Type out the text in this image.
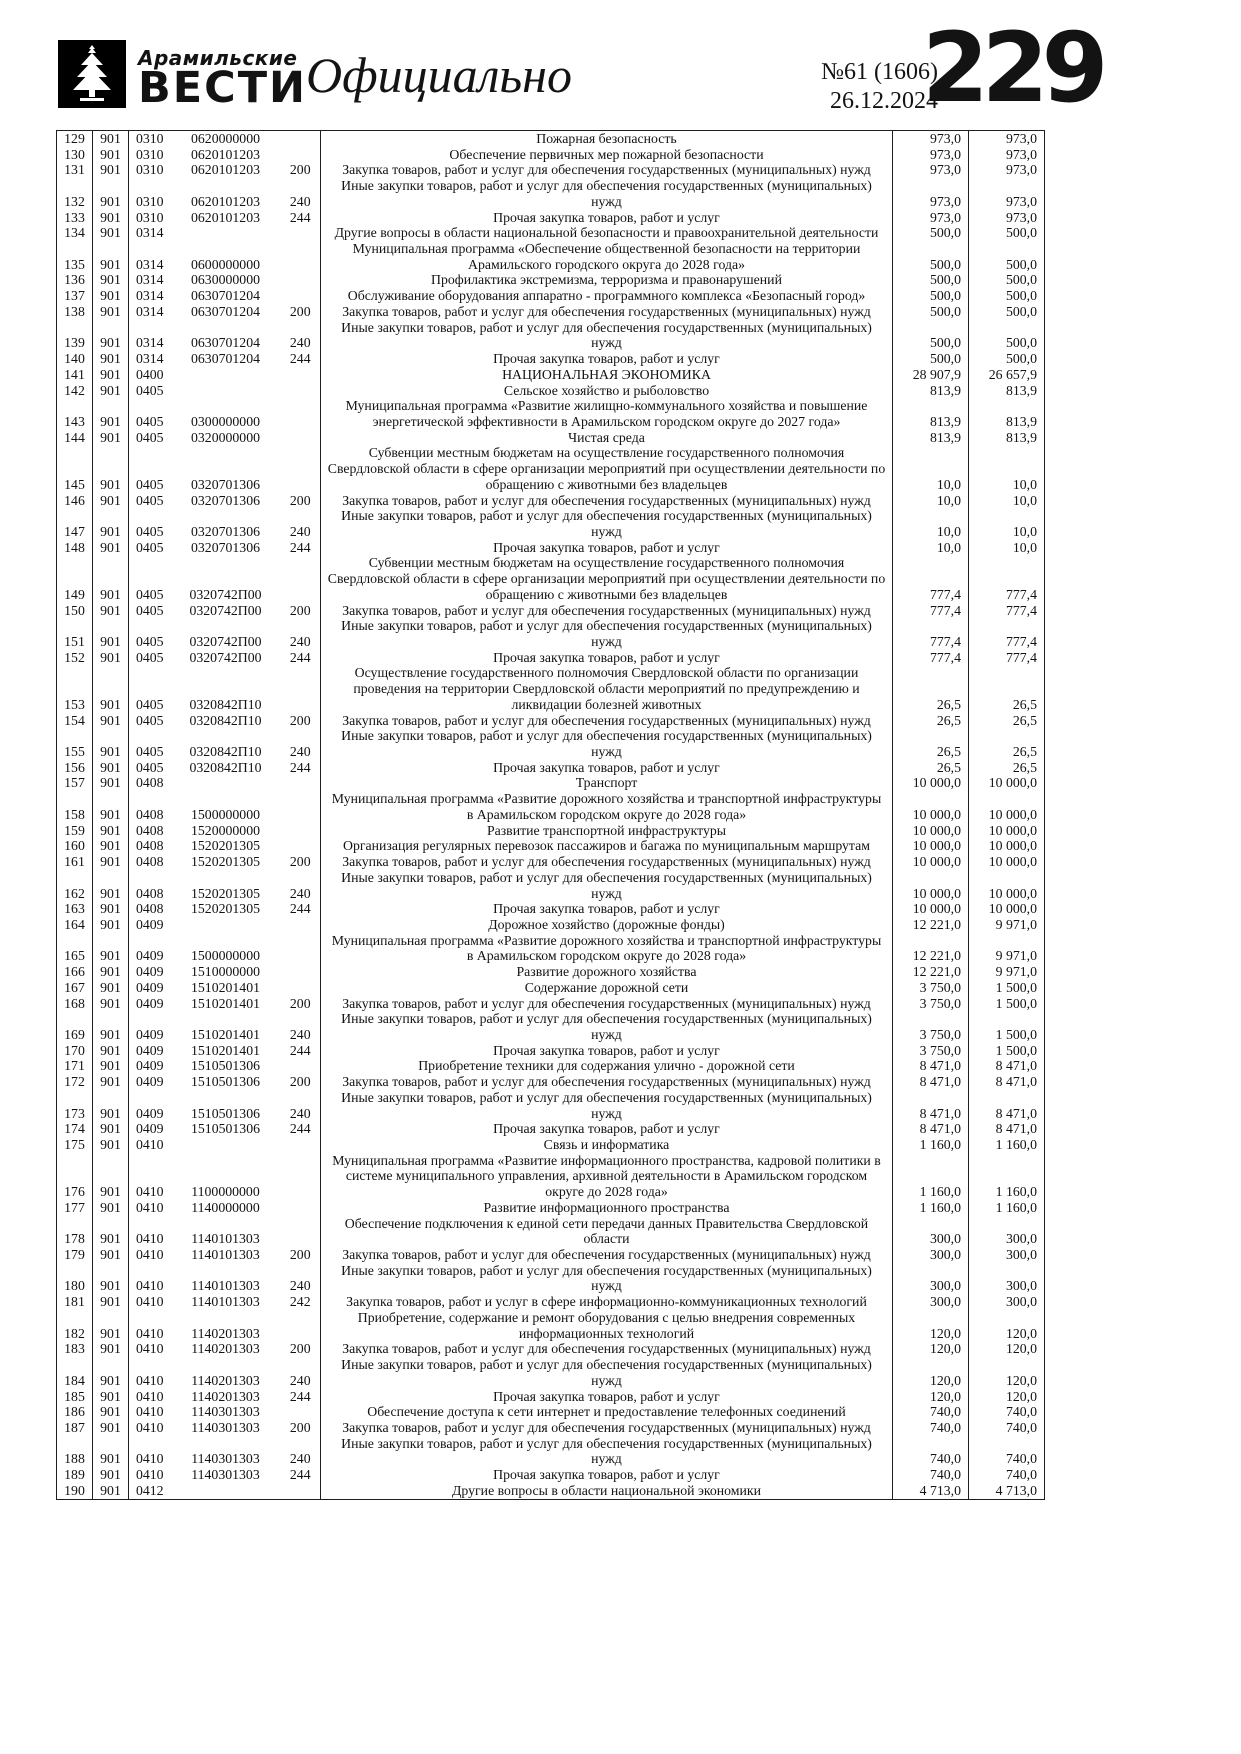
Арамильские
ВЕСТИ
Официально	№61 (1606)
26.12.2024
229
129	901	0310	0620000000		Пожарная безопасность	973,0	973,0
130	901	0310	0620101203		Обеспечение первичных мер пожарной безопасности	973,0	973,0
131	901	0310	0620101203	200	Закупка товаров, работ и услуг для обеспечения государственных (муниципальных) нужд	973,0	973,0
132	901	0310	0620101203	240	Иные закупки товаров, работ и услуг для обеспечения государственных (муниципальных) нужд	973,0	973,0
133	901	0310	0620101203	244	Прочая закупка товаров, работ и услуг	973,0	973,0
134	901	0314			Другие вопросы в области национальной безопасности и правоохранительной деятельности	500,0	500,0
135	901	0314	0600000000		Муниципальная программа «Обеспечение общественной безопасности на территории Арамильского городского округа до 2028 года»	500,0	500,0
136	901	0314	0630000000		Профилактика экстремизма, терроризма и правонарушений	500,0	500,0
137	901	0314	0630701204		Обслуживание оборудования аппаратно - программного комплекса «Безопасный город»	500,0	500,0
138	901	0314	0630701204	200	Закупка товаров, работ и услуг для обеспечения государственных (муниципальных) нужд	500,0	500,0
139	901	0314	0630701204	240	Иные закупки товаров, работ и услуг для обеспечения государственных (муниципальных) нужд	500,0	500,0
140	901	0314	0630701204	244	Прочая закупка товаров, работ и услуг	500,0	500,0
141	901	0400			НАЦИОНАЛЬНАЯ ЭКОНОМИКА	28 907,9	26 657,9
142	901	0405			Сельское хозяйство и рыболовство	813,9	813,9
143	901	0405	0300000000		Муниципальная программа «Развитие жилищно-коммунального хозяйства и повышение энергетической эффективности в Арамильском городском округе до 2027 года»	813,9	813,9
144	901	0405	0320000000		Чистая среда	813,9	813,9
145	901	0405	0320701306		Субвенции местным бюджетам на осуществление государственного полномочия Свердловской области в сфере организации мероприятий при осуществлении деятельности по обращению с животными без владельцев	10,0	10,0
146	901	0405	0320701306	200	Закупка товаров, работ и услуг для обеспечения государственных (муниципальных) нужд	10,0	10,0
147	901	0405	0320701306	240	Иные закупки товаров, работ и услуг для обеспечения государственных (муниципальных) нужд	10,0	10,0
148	901	0405	0320701306	244	Прочая закупка товаров, работ и услуг	10,0	10,0
149	901	0405	0320742П00		Субвенции местным бюджетам на осуществление государственного полномочия Свердловской области в сфере организации мероприятий при осуществлении деятельности по обращению с животными без владельцев	777,4	777,4
150	901	0405	0320742П00	200	Закупка товаров, работ и услуг для обеспечения государственных (муниципальных) нужд	777,4	777,4
151	901	0405	0320742П00	240	Иные закупки товаров, работ и услуг для обеспечения государственных (муниципальных) нужд	777,4	777,4
152	901	0405	0320742П00	244	Прочая закупка товаров, работ и услуг	777,4	777,4
153	901	0405	0320842П10		Осуществление государственного полномочия Свердловской области по организации проведения на территории Свердловской области мероприятий по предупреждению и ликвидации болезней животных	26,5	26,5
154	901	0405	0320842П10	200	Закупка товаров, работ и услуг для обеспечения государственных (муниципальных) нужд	26,5	26,5
155	901	0405	0320842П10	240	Иные закупки товаров, работ и услуг для обеспечения государственных (муниципальных) нужд	26,5	26,5
156	901	0405	0320842П10	244	Прочая закупка товаров, работ и услуг	26,5	26,5
157	901	0408			Транспорт	10 000,0	10 000,0
158	901	0408	1500000000		Муниципальная программа «Развитие дорожного хозяйства и транспортной инфраструктуры в Арамильском городском округе до 2028 года»	10 000,0	10 000,0
159	901	0408	1520000000		Развитие транспортной инфраструктуры	10 000,0	10 000,0
160	901	0408	1520201305		Организация регулярных перевозок пассажиров и багажа по муниципальным маршрутам	10 000,0	10 000,0
161	901	0408	1520201305	200	Закупка товаров, работ и услуг для обеспечения государственных (муниципальных) нужд	10 000,0	10 000,0
162	901	0408	1520201305	240	Иные закупки товаров, работ и услуг для обеспечения государственных (муниципальных) нужд	10 000,0	10 000,0
163	901	0408	1520201305	244	Прочая закупка товаров, работ и услуг	10 000,0	10 000,0
164	901	0409			Дорожное хозяйство (дорожные фонды)	12 221,0	9 971,0
165	901	0409	1500000000		Муниципальная программа «Развитие дорожного хозяйства и транспортной инфраструктуры в Арамильском городском округе до 2028 года»	12 221,0	9 971,0
166	901	0409	1510000000		Развитие дорожного хозяйства	12 221,0	9 971,0
167	901	0409	1510201401		Содержание дорожной сети	3 750,0	1 500,0
168	901	0409	1510201401	200	Закупка товаров, работ и услуг для обеспечения государственных (муниципальных) нужд	3 750,0	1 500,0
169	901	0409	1510201401	240	Иные закупки товаров, работ и услуг для обеспечения государственных (муниципальных) нужд	3 750,0	1 500,0
170	901	0409	1510201401	244	Прочая закупка товаров, работ и услуг	3 750,0	1 500,0
171	901	0409	1510501306		Приобретение техники для содержания улично - дорожной сети	8 471,0	8 471,0
172	901	0409	1510501306	200	Закупка товаров, работ и услуг для обеспечения государственных (муниципальных) нужд	8 471,0	8 471,0
173	901	0409	1510501306	240	Иные закупки товаров, работ и услуг для обеспечения государственных (муниципальных) нужд	8 471,0	8 471,0
174	901	0409	1510501306	244	Прочая закупка товаров, работ и услуг	8 471,0	8 471,0
175	901	0410			Связь и информатика	1 160,0	1 160,0
176	901	0410	1100000000		Муниципальная программа «Развитие информационного пространства, кадровой политики в системе муниципального управления, архивной деятельности в Арамильском городском округе до 2028 года»	1 160,0	1 160,0
177	901	0410	1140000000		Развитие информационного пространства	1 160,0	1 160,0
178	901	0410	1140101303		Обеспечение подключения к единой сети передачи данных Правительства Свердловской области	300,0	300,0
179	901	0410	1140101303	200	Закупка товаров, работ и услуг для обеспечения государственных (муниципальных) нужд	300,0	300,0
180	901	0410	1140101303	240	Иные закупки товаров, работ и услуг для обеспечения государственных (муниципальных) нужд	300,0	300,0
181	901	0410	1140101303	242	Закупка товаров, работ и услуг в сфере информационно-коммуникационных технологий	300,0	300,0
182	901	0410	1140201303		Приобретение, содержание и ремонт оборудования с целью внедрения современных информационных технологий	120,0	120,0
183	901	0410	1140201303	200	Закупка товаров, работ и услуг для обеспечения государственных (муниципальных) нужд	120,0	120,0
184	901	0410	1140201303	240	Иные закупки товаров, работ и услуг для обеспечения государственных (муниципальных) нужд	120,0	120,0
185	901	0410	1140201303	244	Прочая закупка товаров, работ и услуг	120,0	120,0
186	901	0410	1140301303		Обеспечение доступа к сети интернет и предоставление телефонных соединений	740,0	740,0
187	901	0410	1140301303	200	Закупка товаров, работ и услуг для обеспечения государственных (муниципальных) нужд	740,0	740,0
188	901	0410	1140301303	240	Иные закупки товаров, работ и услуг для обеспечения государственных (муниципальных) нужд	740,0	740,0
189	901	0410	1140301303	244	Прочая закупка товаров, работ и услуг	740,0	740,0
190	901	0412			Другие вопросы в области национальной экономики	4 713,0	4 713,0
